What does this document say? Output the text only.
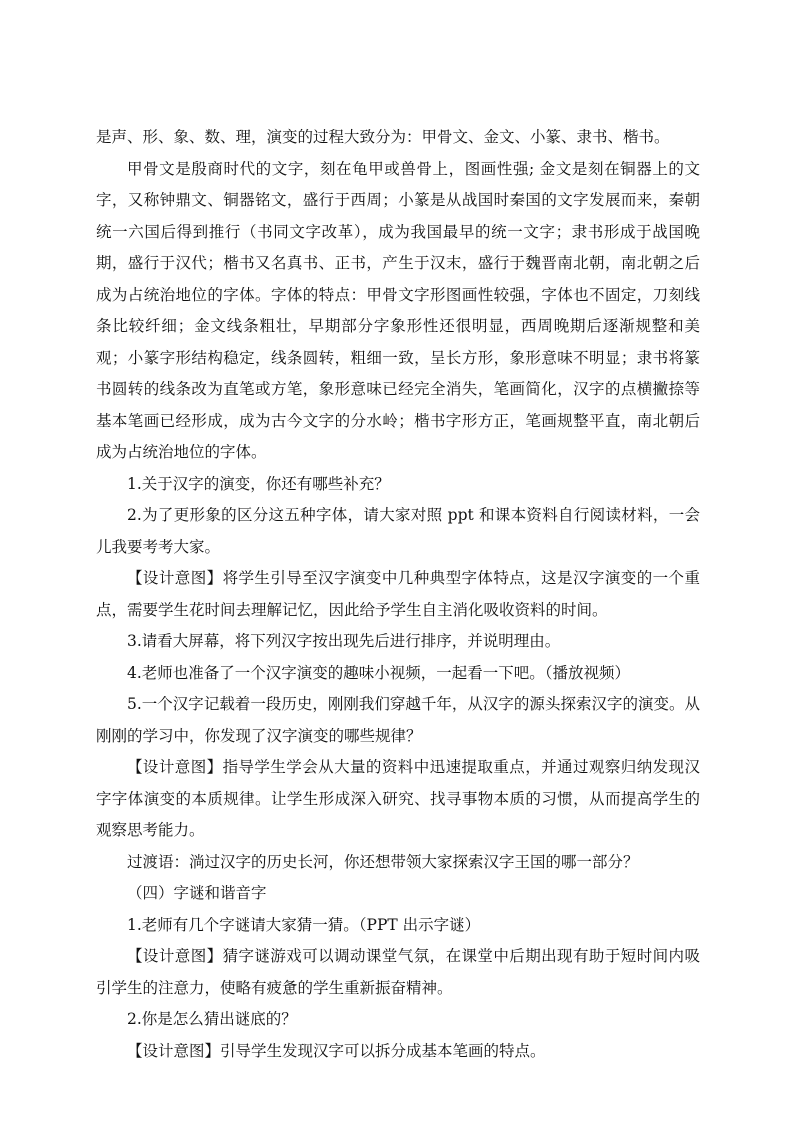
是声、形、象、数、理，演变的过程大致分为：甲骨文、金文、小篆、隶书、楷书。

甲骨文是殷商时代的文字，刻在龟甲或兽骨上，图画性强; 金文是刻在铜器上的文字，又称钟鼎文、铜器铭文，盛行于西周；小篆是从战国时秦国的文字发展而来，秦朝统一六国后得到推行（书同文字改革），成为我国最早的统一文字；隶书形成于战国晚期，盛行于汉代；楷书又名真书、正书，产生于汉末，盛行于魏晋南北朝，南北朝之后成为占统治地位的字体。字体的特点：甲骨文字形图画性较强，字体也不固定，刀刻线条比较纤细；金文线条粗壮，早期部分字象形性还很明显，西周晚期后逐渐规整和美观；小篆字形结构稳定，线条圆转，粗细一致，呈长方形，象形意味不明显；隶书将篆书圆转的线条改为直笔或方笔，象形意味已经完全消失，笔画简化，汉字的点横撇捺等基本笔画已经形成，成为古今文字的分水岭；楷书字形方正，笔画规整平直，南北朝后成为占统治地位的字体。

1.关于汉字的演变，你还有哪些补充？

2.为了更形象的区分这五种字体，请大家对照 ppt 和课本资料自行阅读材料，一会儿我要考考大家。

【设计意图】将学生引导至汉字演变中几种典型字体特点，这是汉字演变的一个重点，需要学生花时间去理解记忆，因此给予学生自主消化吸收资料的时间。

3.请看大屏幕，将下列汉字按出现先后进行排序，并说明理由。

4.老师也准备了一个汉字演变的趣味小视频，一起看一下吧。（播放视频）

5.一个汉字记载着一段历史，刚刚我们穿越千年，从汉字的源头探索汉字的演变。从刚刚的学习中，你发现了汉字演变的哪些规律？

【设计意图】指导学生学会从大量的资料中迅速提取重点，并通过观察归纳发现汉字字体演变的本质规律。让学生形成深入研究、找寻事物本质的习惯，从而提高学生的观察思考能力。

过渡语：淌过汉字的历史长河，你还想带领大家探索汉字王国的哪一部分？

（四）字谜和谐音字

1.老师有几个字谜请大家猜一猜。（PPT 出示字谜）

【设计意图】猜字谜游戏可以调动课堂气氛，在课堂中后期出现有助于短时间内吸引学生的注意力，使略有疲惫的学生重新振奋精神。

2.你是怎么猜出谜底的？

【设计意图】引导学生发现汉字可以拆分成基本笔画的特点。
